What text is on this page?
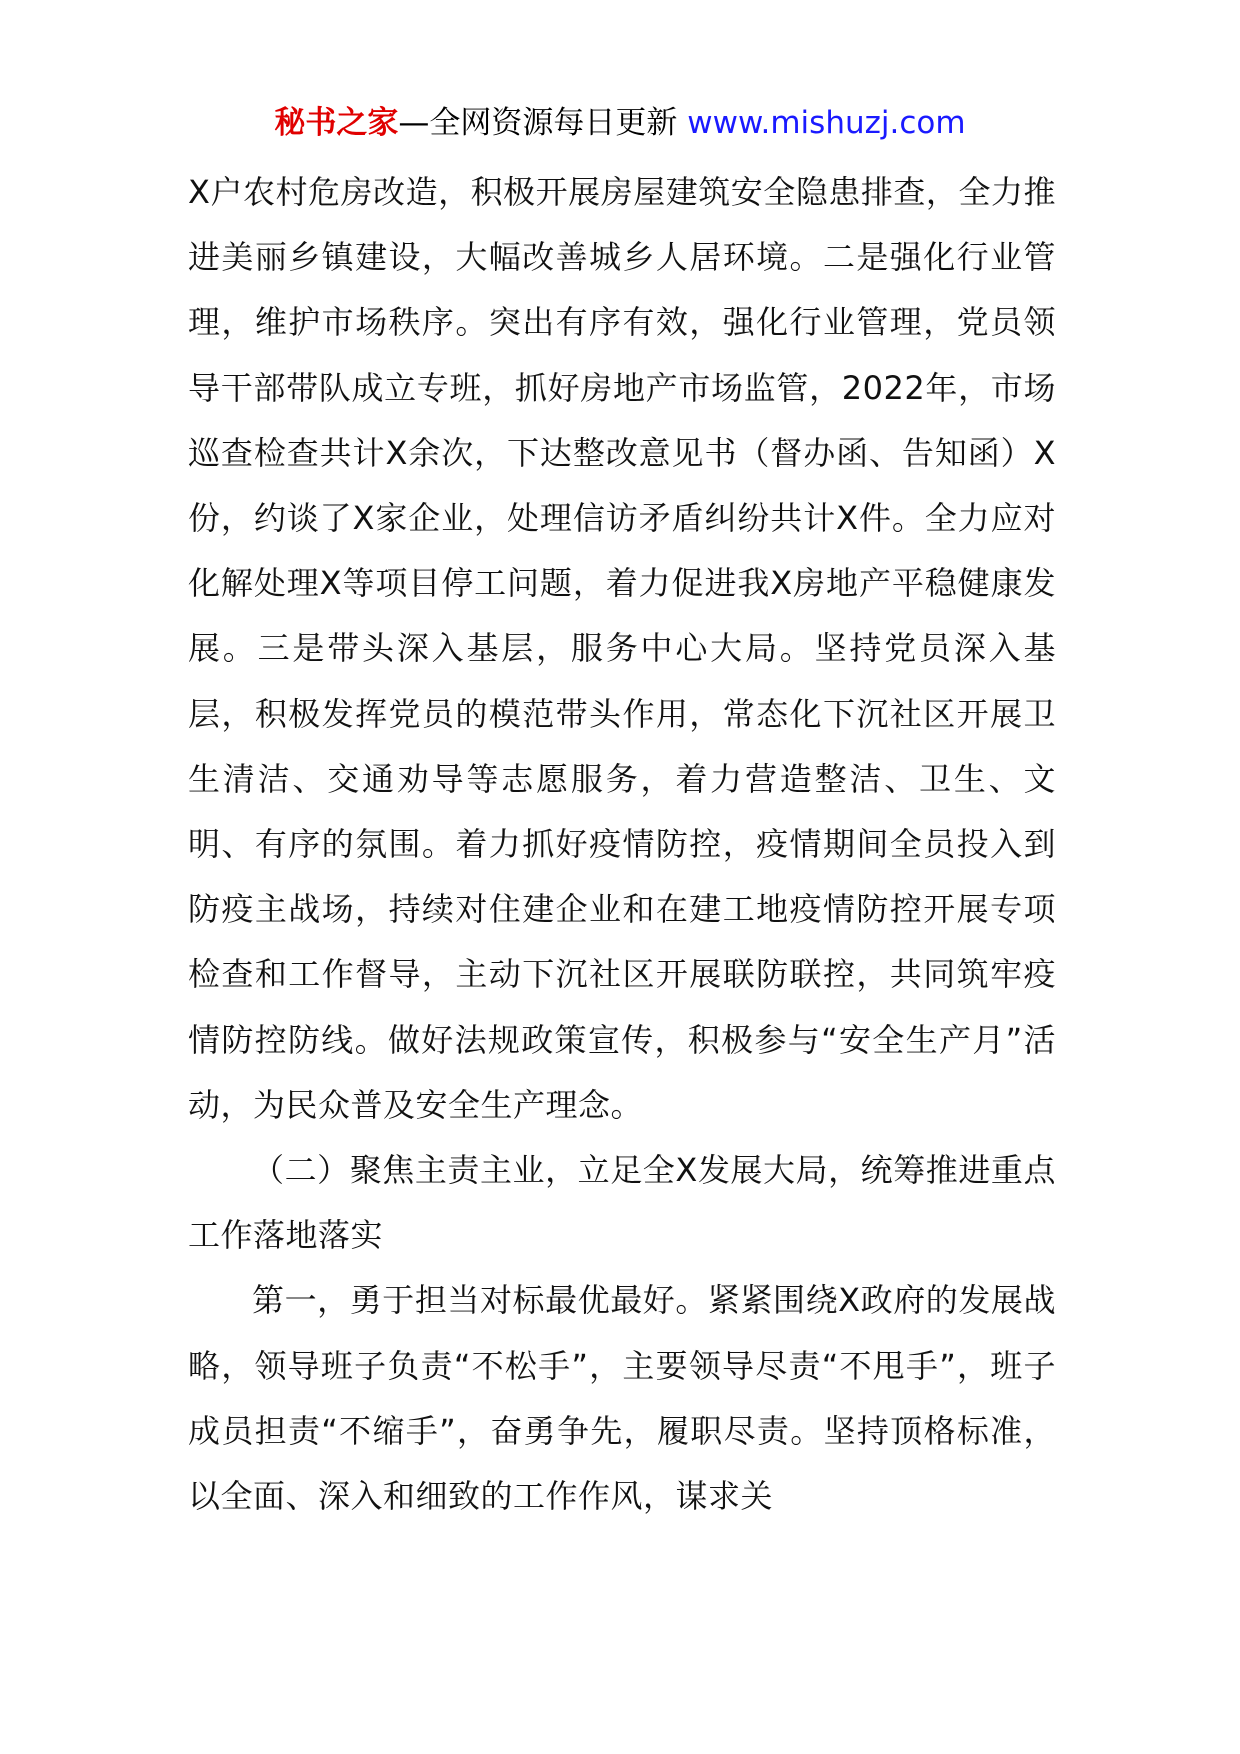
秘书之家—全网资源每日更新 www.mishuzj.com

X户农村危房改造，积极开展房屋建筑安全隐患排查，全力推进美丽乡镇建设，大幅改善城乡人居环境。二是强化行业管理，维护市场秩序。突出有序有效，强化行业管理，党员领导干部带队成立专班，抓好房地产市场监管，2022年，市场巡查检查共计X余次，下达整改意见书（督办函、告知函）X份，约谈了X家企业，处理信访矛盾纠纷共计X件。全力应对化解处理X等项目停工问题，着力促进我X房地产平稳健康发展。三是带头深入基层，服务中心大局。坚持党员深入基层，积极发挥党员的模范带头作用，常态化下沉社区开展卫生清洁、交通劝导等志愿服务，着力营造整洁、卫生、文明、有序的氛围。着力抓好疫情防控，疫情期间全员投入到防疫主战场，持续对住建企业和在建工地疫情防控开展专项检查和工作督导，主动下沉社区开展联防联控，共同筑牢疫情防控防线。做好法规政策宣传，积极参与“安全生产月”活动，为民众普及安全生产理念。

（二）聚焦主责主业，立足全X发展大局，统筹推进重点工作落地落实

第一，勇于担当对标最优最好。紧紧围绕X政府的发展战略，领导班子负责“不松手”，主要领导尽责“不甩手”，班子成员担责“不缩手”，奋勇争先，履职尽责。坚持顶格标准，以全面、深入和细致的工作作风，谋求关
